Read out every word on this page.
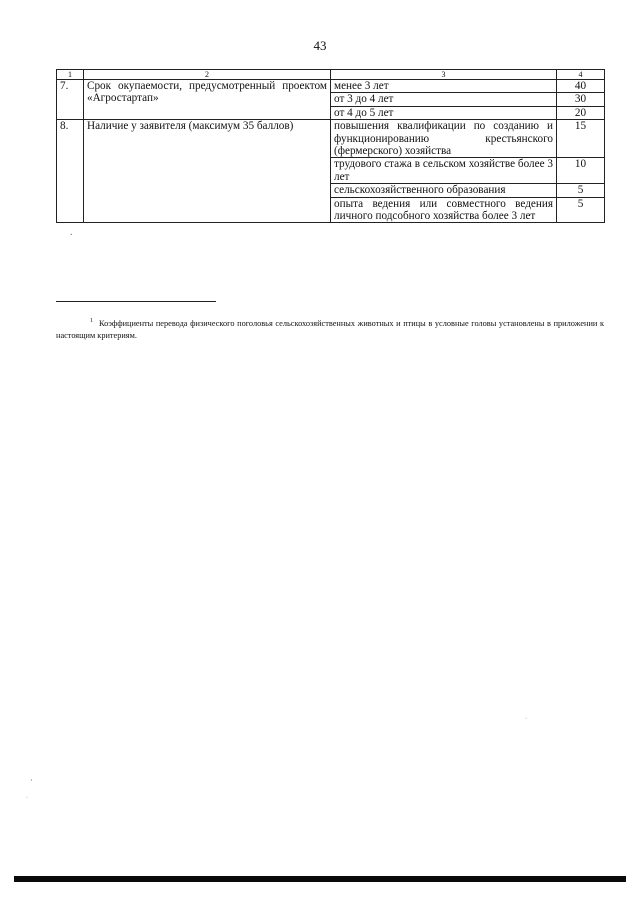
43
1	2	3	4
7.	Срок окупаемости, предусмотренный проектом «Агростартап»	менее 3 лет	40
		от 3 до 4 лет	30
		от 4 до 5 лет	20
8.	Наличие у заявителя (максимум 35 баллов)	повышения квалификации по созданию и функционированию крестьянского (фермерского) хозяйства	15
		трудового стажа в сельском хозяйстве более 3 лет	10
		сельскохозяйственного образования	5
		опыта ведения или совместного ведения личного подсобного хозяйства более 3 лет	5
ˎ
$^1$ Коэффициенты перевода физического поголовья сельскохозяйственных животных и птицы в условные головы установлены в приложении к настоящим критериям.
·
·
·
